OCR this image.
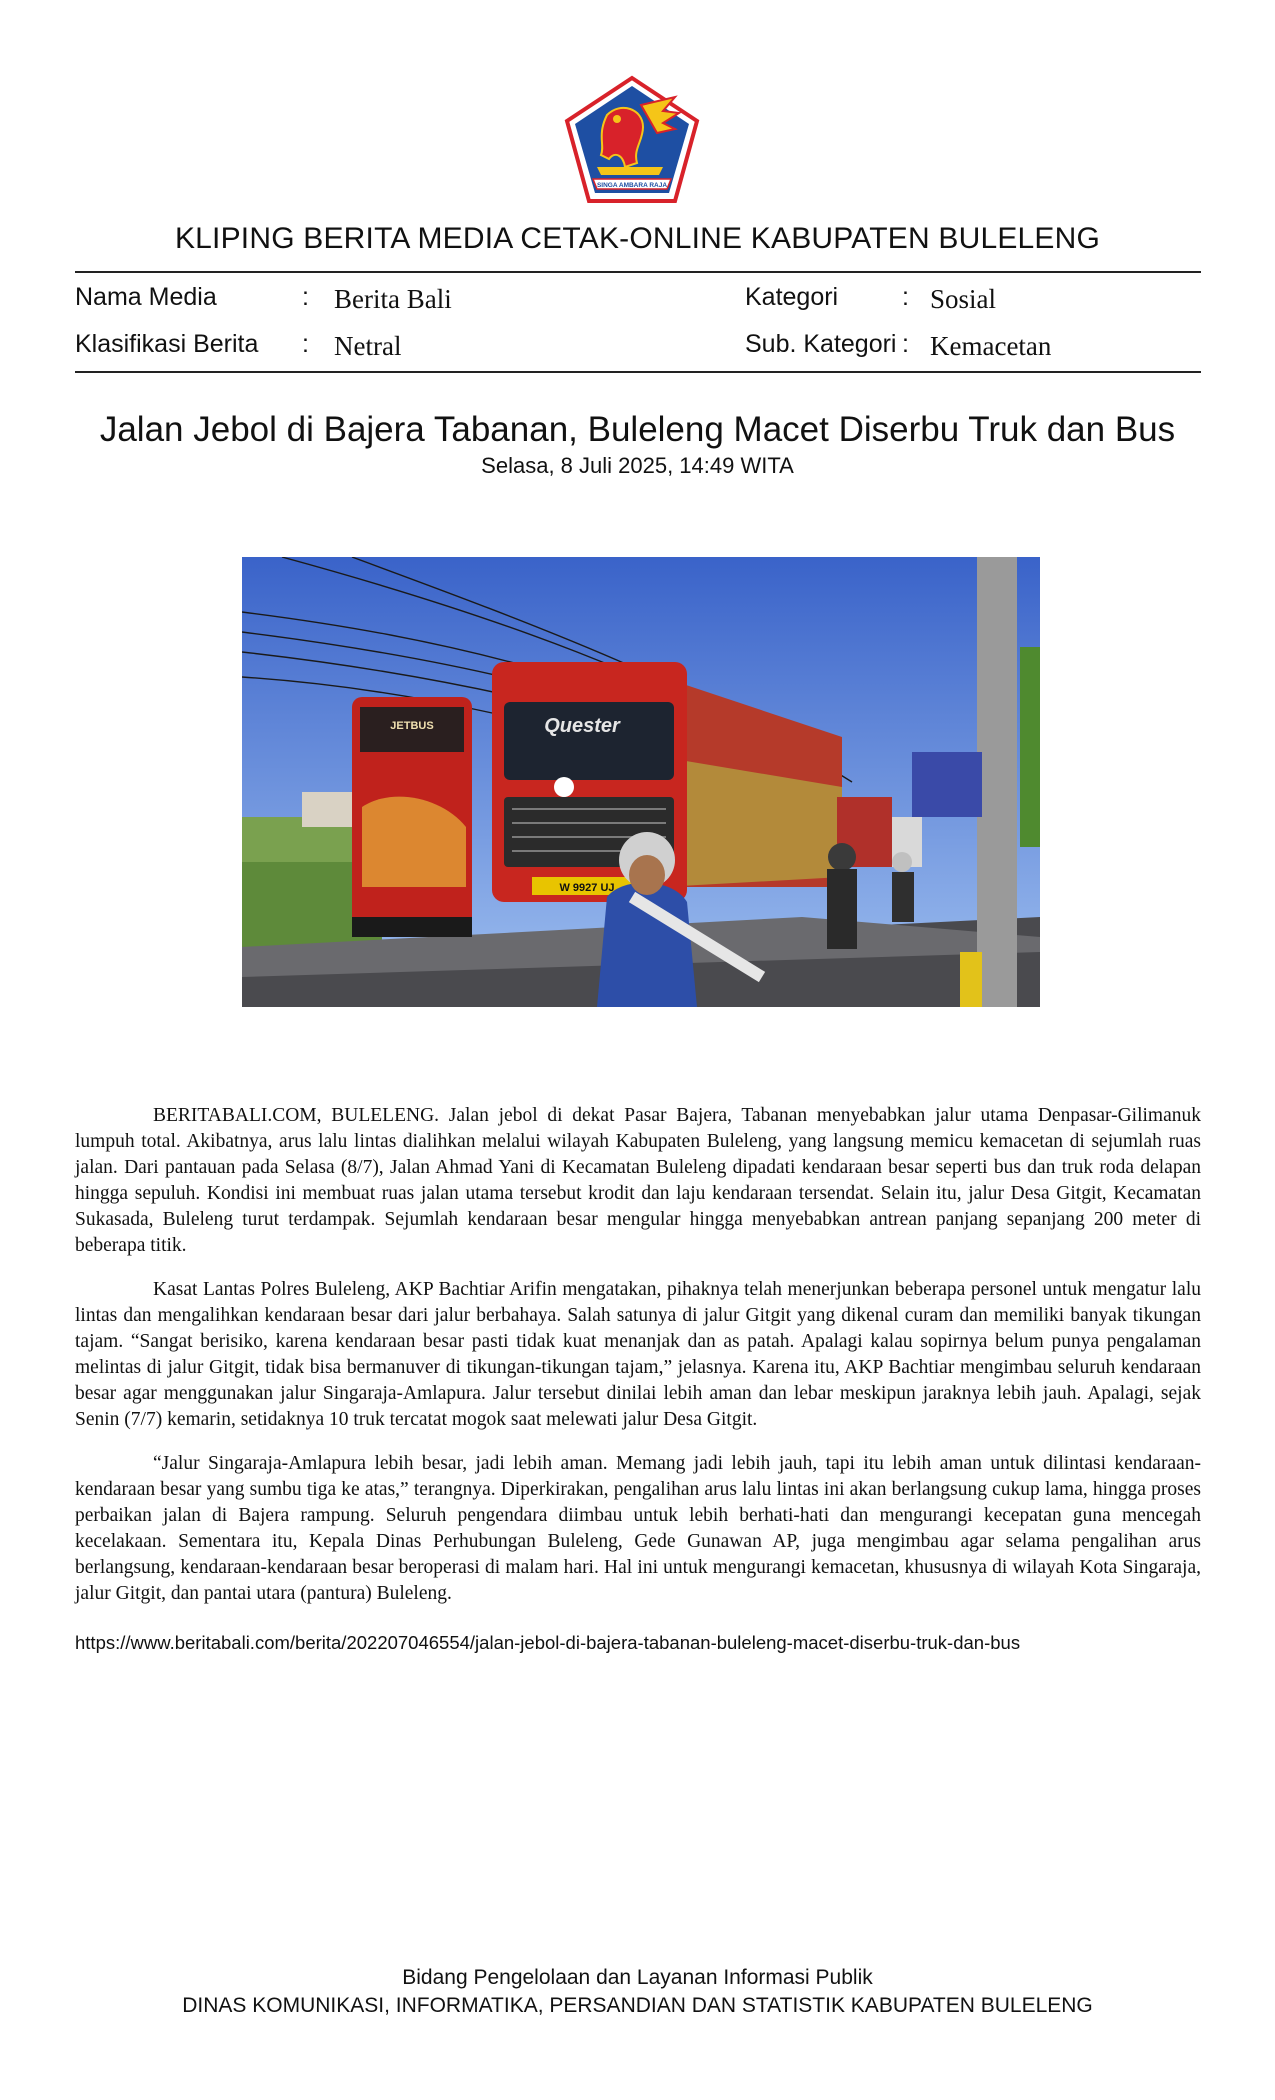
SINGA AMBARA RAJA
KLIPING BERITA MEDIA CETAK-ONLINE KABUPATEN BULELENG
Nama Media	: Berita Bali	Kategori	: Sosial
Klasifikasi Berita : Netral	Sub. Kategori : Kemacetan
Jalan Jebol di Bajera Tabanan, Buleleng Macet Diserbu Truk dan Bus
Selasa, 8 Juli 2025, 14:49 WITA
JETBUS	Quester
W 9927 UJ

BERITABALI.COM, BULELENG. Jalan jebol di dekat Pasar Bajera, Tabanan menyebabkan jalur utama Denpasar-Gilimanuk lumpuh total. Akibatnya, arus lalu lintas dialihkan melalui wilayah Kabupaten Buleleng, yang langsung memicu kemacetan di sejumlah ruas jalan. Dari pantauan pada Selasa (8/7), Jalan Ahmad Yani di Kecamatan Buleleng dipadati kendaraan besar seperti bus dan truk roda delapan hingga sepuluh. Kondisi ini membuat ruas jalan utama tersebut krodit dan laju kendaraan tersendat. Selain itu, jalur Desa Gitgit, Kecamatan Sukasada, Buleleng turut terdampak. Sejumlah kendaraan besar mengular hingga menyebabkan antrean panjang sepanjang 200 meter di beberapa titik.

Kasat Lantas Polres Buleleng, AKP Bachtiar Arifin mengatakan, pihaknya telah menerjunkan beberapa personel untuk mengatur lalu lintas dan mengalihkan kendaraan besar dari jalur berbahaya. Salah satunya di jalur Gitgit yang dikenal curam dan memiliki banyak tikungan tajam. “Sangat berisiko, karena kendaraan besar pasti tidak kuat menanjak dan as patah. Apalagi kalau sopirnya belum punya pengalaman melintas di jalur Gitgit, tidak bisa bermanuver di tikungan-tikungan tajam,” jelasnya. Karena itu, AKP Bachtiar mengimbau seluruh kendaraan besar agar menggunakan jalur Singaraja-Amlapura. Jalur tersebut dinilai lebih aman dan lebar meskipun jaraknya lebih jauh. Apalagi, sejak Senin (7/7) kemarin, setidaknya 10 truk tercatat mogok saat melewati jalur Desa Gitgit.

“Jalur Singaraja-Amlapura lebih besar, jadi lebih aman. Memang jadi lebih jauh, tapi itu lebih aman untuk dilintasi kendaraan-kendaraan besar yang sumbu tiga ke atas,” terangnya. Diperkirakan, pengalihan arus lalu lintas ini akan berlangsung cukup lama, hingga proses perbaikan jalan di Bajera rampung. Seluruh pengendara diimbau untuk lebih berhati-hati dan mengurangi kecepatan guna mencegah kecelakaan. Sementara itu, Kepala Dinas Perhubungan Buleleng, Gede Gunawan AP, juga mengimbau agar selama pengalihan arus berlangsung, kendaraan-kendaraan besar beroperasi di malam hari. Hal ini untuk mengurangi kemacetan, khususnya di wilayah Kota Singaraja, jalur Gitgit, dan pantai utara (pantura) Buleleng.

https://www.beritabali.com/berita/202207046554/jalan-jebol-di-bajera-tabanan-buleleng-macet-diserbu-truk-dan-bus
Bidang Pengelolaan dan Layanan Informasi Publik
DINAS KOMUNIKASI, INFORMATIKA, PERSANDIAN DAN STATISTIK KABUPATEN BULELENG
